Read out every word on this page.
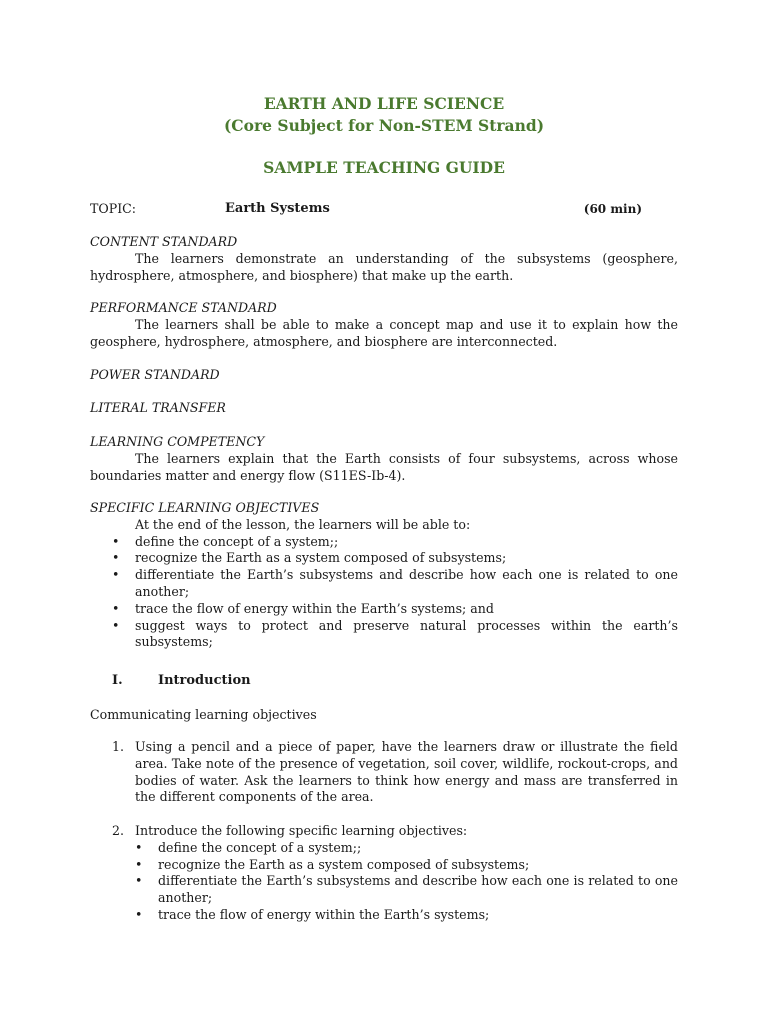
EARTH AND LIFE SCIENCE
(Core Subject for Non-STEM Strand)
SAMPLE TEACHING GUIDE
TOPIC:	Earth Systems	(60 min)

CONTENT STANDARD

The learners demonstrate an understanding of the subsystems (geosphere, hydrosphere, atmosphere, and biosphere) that make up the earth.

PERFORMANCE STANDARD

The learners shall be able to make a concept map and use it to explain how the geosphere, hydrosphere, atmosphere, and biosphere are interconnected.

POWER STANDARD

LITERAL TRANSFER

LEARNING COMPETENCY

The learners explain that the Earth consists of four subsystems, across whose boundaries matter and energy flow (S11ES-Ib-4).

SPECIFIC LEARNING OBJECTIVES

At the end of the lesson, the learners will be able to:

• define the concept of a system;;
• recognize the Earth as a system composed of subsystems;
• differentiate the Earth’s subsystems and describe how each one is related to one another;
• trace the flow of energy within the Earth’s systems; and
• suggest ways to protect and preserve natural processes within the earth’s subsystems;
I.	Introduction
Communicating learning objectives
1. Using a pencil and a piece of paper, have the learners draw or illustrate the field area. Take note of the presence of vegetation, soil cover, wildlife, rockout-crops, and bodies of water. Ask the learners to think how energy and mass are transferred in the different components of the area.
2. Introduce the following specific learning objectives:
• define the concept of a system;;
• recognize the Earth as a system composed of subsystems;
• differentiate the Earth’s subsystems and describe how each one is related to one another;
• trace the flow of energy within the Earth’s systems;
